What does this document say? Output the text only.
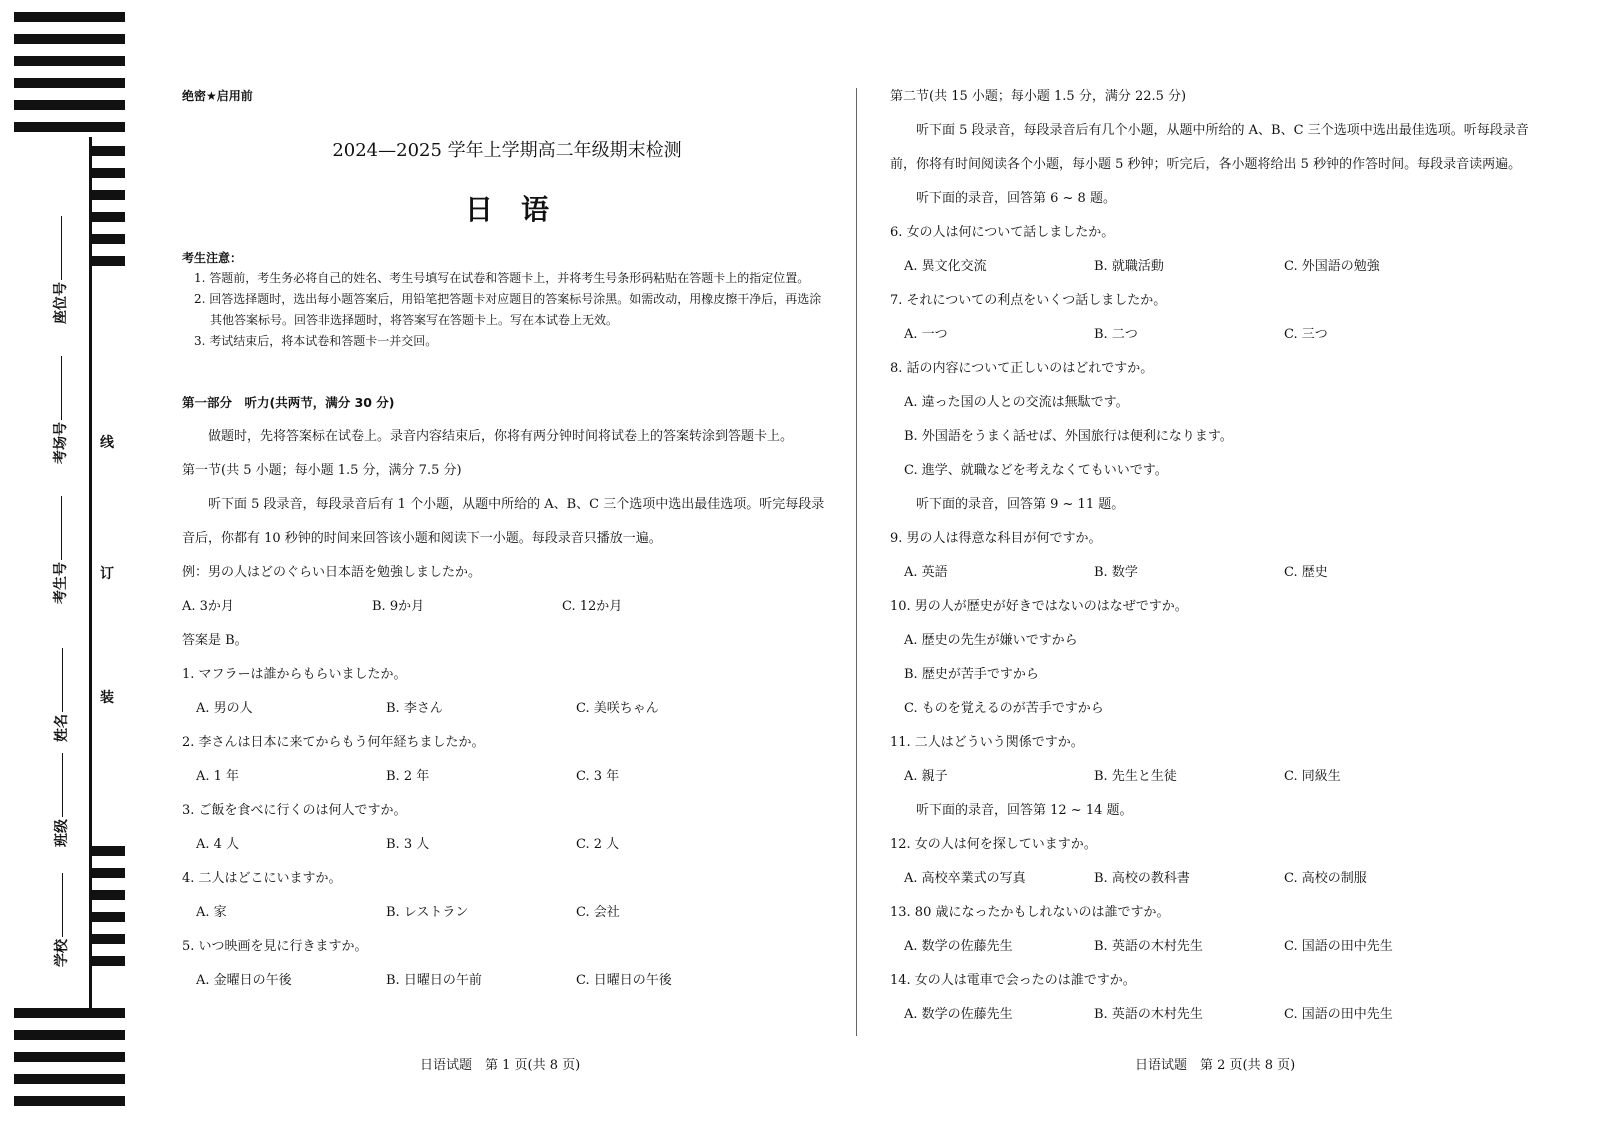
座位号
考场号
考生号
姓名
班级
学校
线
订
装
绝密★启用前
2024—2025 学年上学期高二年级期末检测
日　语
考生注意：
1. 答题前，考生务必将自己的姓名、考生号填写在试卷和答题卡上，并将考生号条形码粘贴在答题卡上的指定位置。
2. 回答选择题时，选出每小题答案后，用铅笔把答题卡对应题目的答案标号涂黑。如需改动，用橡皮擦干净后，再选涂其他答案标号。回答非选择题时，将答案写在答题卡上。写在本试卷上无效。
3. 考试结束后，将本试卷和答题卡一并交回。
第一部分　听力(共两节，满分 30 分)
做题时，先将答案标在试卷上。录音内容结束后，你将有两分钟时间将试卷上的答案转涂到答题卡上。
第一节(共 5 小题；每小题 1.5 分，满分 7.5 分)
听下面 5 段录音，每段录音后有 1 个小题，从题中所给的 A、B、C 三个选项中选出最佳选项。听完每段录音后，你都有 10 秒钟的时间来回答该小题和阅读下一小题。每段录音只播放一遍。
例：男の人はどのぐらい日本語を勉強しましたか。
A. 3か月	B. 9か月	C. 12か月
答案是 B。
1. マフラーは誰からもらいましたか。
A. 男の人	B. 李さん	C. 美咲ちゃん
2. 李さんは日本に来てからもう何年経ちましたか。
A. 1 年	B. 2 年	C. 3 年
3. ご飯を食べに行くのは何人ですか。
A. 4 人	B. 3 人	C. 2 人
4. 二人はどこにいますか。
A. 家	B. レストラン	C. 会社
5. いつ映画を見に行きますか。
A. 金曜日の午後	B. 日曜日の午前	C. 日曜日の午後
第二节(共 15 小题；每小题 1.5 分，满分 22.5 分)
听下面 5 段录音，每段录音后有几个小题，从题中所给的 A、B、C 三个选项中选出最佳选项。听每段录音前，你将有时间阅读各个小题，每小题 5 秒钟；听完后，各小题将给出 5 秒钟的作答时间。每段录音读两遍。
听下面的录音，回答第 6 ~ 8 题。
6. 女の人は何について話しましたか。
A. 異文化交流	B. 就職活動	C. 外国語の勉強
7. それについての利点をいくつ話しましたか。
A. 一つ	B. 二つ	C. 三つ
8. 話の内容について正しいのはどれですか。
A. 違った国の人との交流は無駄です。
B. 外国語をうまく話せば、外国旅行は便利になります。
C. 進学、就職などを考えなくてもいいです。
听下面的录音，回答第 9 ~ 11 题。
9. 男の人は得意な科目が何ですか。
A. 英語	B. 数学	C. 歴史
10. 男の人が歴史が好きではないのはなぜですか。
A. 歴史の先生が嫌いですから
B. 歴史が苦手ですから
C. ものを覚えるのが苦手ですから
11. 二人はどういう関係ですか。
A. 親子	B. 先生と生徒	C. 同級生
听下面的录音，回答第 12 ~ 14 题。
12. 女の人は何を探していますか。
A. 高校卒業式の写真	B. 高校の教科書	C. 高校の制服
13. 80 歳になったかもしれないのは誰ですか。
A. 数学の佐藤先生	B. 英語の木村先生	C. 国語の田中先生
14. 女の人は電車で会ったのは誰ですか。
A. 数学の佐藤先生	B. 英語の木村先生	C. 国語の田中先生
日语试题　第 1 页(共 8 页)	日语试题　第 2 页(共 8 页)
